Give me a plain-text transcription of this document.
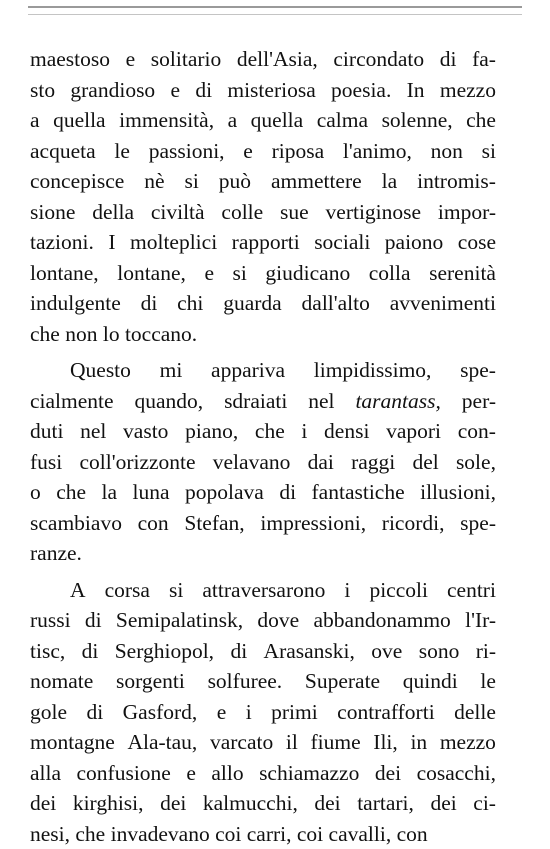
maestoso e solitario dell'Asia, circondato di fa-
sto grandioso e di misteriosa poesia. In mezzo
a quella immensità, a quella calma solenne, che
acqueta le passioni, e riposa l'animo, non si
concepisce nè si può ammettere la intromis-
sione della civiltà colle sue vertiginose impor-
tazioni. I molteplici rapporti sociali paiono cose
lontane, lontane, e si giudicano colla serenità
indulgente di chi guarda dall'alto avvenimenti
che
non
lo
toccano.
Questo mi appariva limpidissimo, spe-
cialmente quando, sdraiati nel tarantass, per-
duti nel vasto piano, che i densi vapori con-
fusi coll'orizzonte velavano dai raggi del sole,
o che la luna popolava di fantastiche illusioni,
scambiavo con Stefan, impressioni, ricordi, spe-
ranze.
A corsa si attraversarono i piccoli centri
russi di Semipalatinsk, dove abbandonammo l'Ir-
tisc, di Serghiopol, di Arasanski, ove sono ri-
nomate sorgenti solfuree. Superate quindi le
gole di Gasford, e i primi contrafforti delle
montagne Ala-tau, varcato il fiume Ili, in mezzo
alla confusione e allo schiamazzo dei cosacchi,
dei kirghisi, dei kalmucchi, dei tartari, dei ci-
nesi,
che
invadevano
coi
carri,
coi
cavalli,
con
